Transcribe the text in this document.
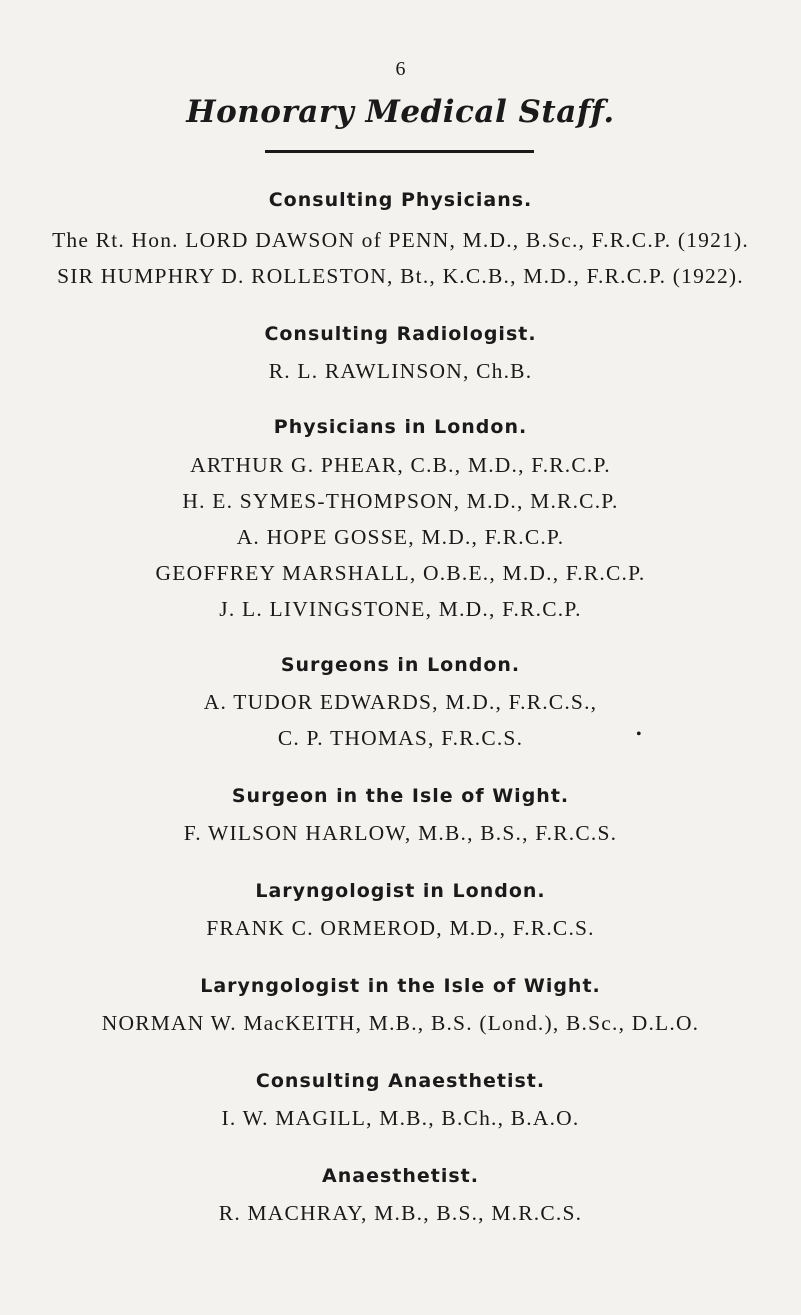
6

Honorary Medical Staff.

Consulting Physicians.

The Rt. Hon. LORD DAWSON of PENN, M.D., B.Sc., F.R.C.P. (1921).

SIR HUMPHRY D. ROLLESTON, Bt., K.C.B., M.D., F.R.C.P. (1922).

Consulting Radiologist.

R. L. RAWLINSON, Ch.B.

Physicians in London.

ARTHUR G. PHEAR, C.B., M.D., F.R.C.P.

H. E. SYMES-THOMPSON, M.D., M.R.C.P.

A. HOPE GOSSE, M.D., F.R.C.P.

GEOFFREY MARSHALL, O.B.E., M.D., F.R.C.P.

J. L. LIVINGSTONE, M.D., F.R.C.P.

Surgeons in London.

A. TUDOR EDWARDS, M.D., F.R.C.S.,

C. P. THOMAS, F.R.C.S.	•

Surgeon in the Isle of Wight.

F. WILSON HARLOW, M.B., B.S., F.R.C.S.

Laryngologist in London.

FRANK C. ORMEROD, M.D., F.R.C.S.

Laryngologist in the Isle of Wight.

NORMAN W. MacKEITH, M.B., B.S. (Lond.), B.Sc., D.L.O.

Consulting Anaesthetist.

I. W. MAGILL, M.B., B.Ch., B.A.O.

Anaesthetist.

R. MACHRAY, M.B., B.S., M.R.C.S.
